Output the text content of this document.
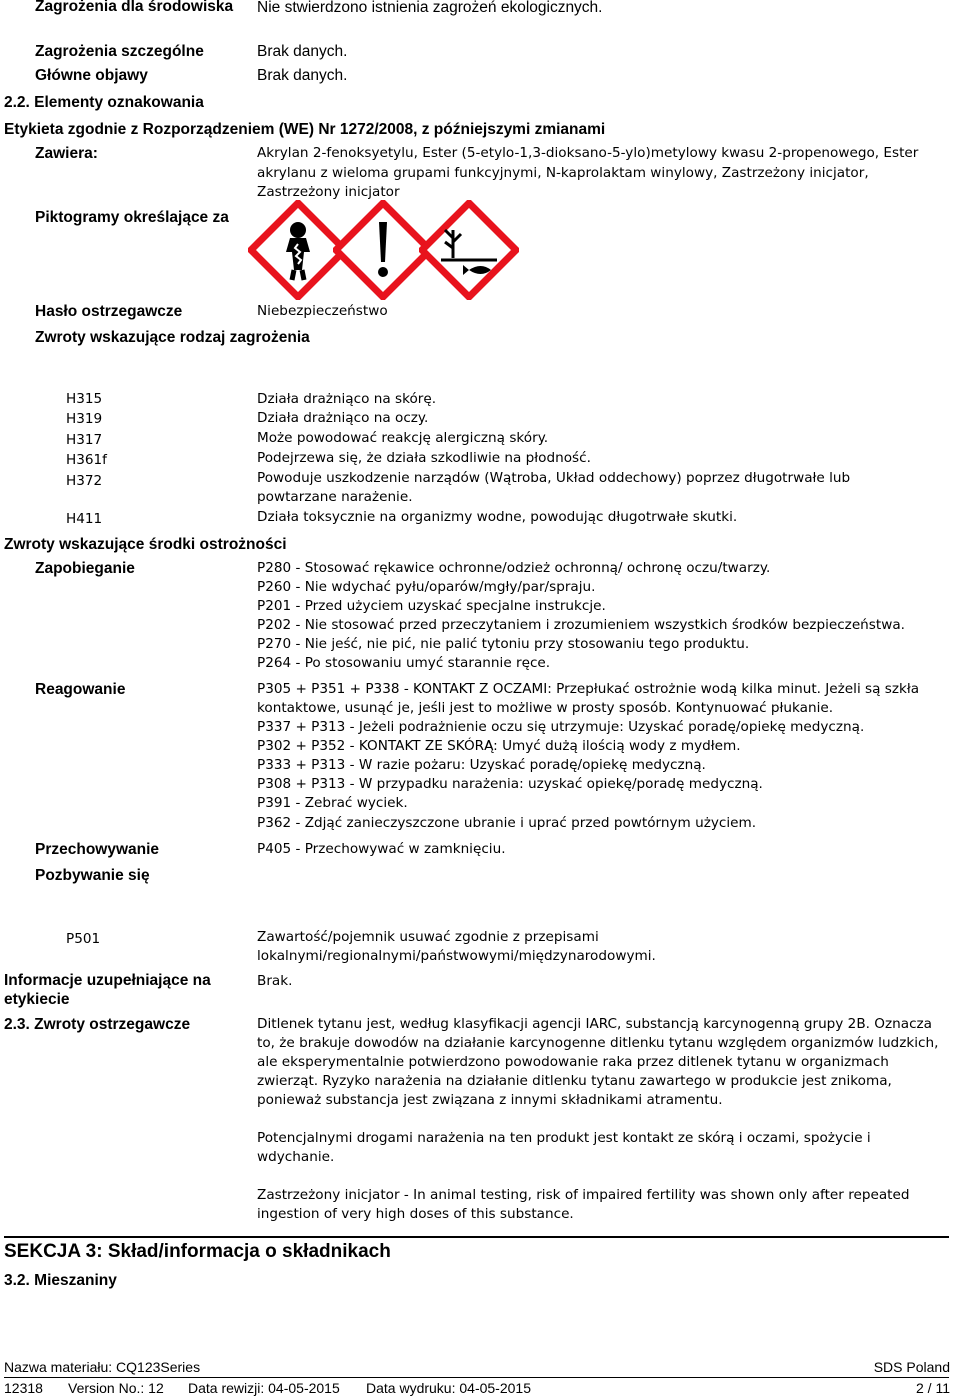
Zagrożenia dla środowiska Nie stwierdzono istnienia zagrożeń ekologicznych.
Zagrożenia szczególne	Brak danych.
Główne objawy	Brak danych.
2.2. Elementy oznakowania
Etykieta zgodnie z Rozporządzeniem (WE) Nr 1272/2008, z późniejszymi zmianami
Zawiera:	Akrylan 2-fenoksyetylu, Ester (5-etylo-1,3-dioksano-5-ylo)metylowy kwasu 2-propenowego, Ester akrylanu z wieloma grupami funkcyjnymi, N-kaprolaktam winylowy, Zastrzeżony inicjator, Zastrzeżony inicjator
Piktogramy określające za
Hasło ostrzegawcze	Niebezpieczeństwo
Zwroty wskazujące rodzaj zagrożenia
H315	Działa drażniąco na skórę.
H319	Działa drażniąco na oczy.
H317	Może powodować reakcję alergiczną skóry.
H361f	Podejrzewa się, że działa szkodliwie na płodność.
H372	Powoduje uszkodzenie narządów (Wątroba, Układ oddechowy) poprzez długotrwałe lub powtarzane narażenie.
H411	Działa toksycznie na organizmy wodne, powodując długotrwałe skutki.
Zwroty wskazujące środki ostrożności
Zapobieganie	P280 - Stosować rękawice ochronne/odzież ochronną/ ochronę oczu/twarzy.
P260 - Nie wdychać pyłu/oparów/mgły/par/spraju.
P201 - Przed użyciem uzyskać specjalne instrukcje.
P202 - Nie stosować przed przeczytaniem i zrozumieniem wszystkich środków bezpieczeństwa.
P270 - Nie jeść, nie pić, nie palić tytoniu przy stosowaniu tego produktu.
P264 - Po stosowaniu umyć starannie ręce.
Reagowanie	P305 + P351 + P338 - KONTAKT Z OCZAMI: Przepłukać ostrożnie wodą kilka minut. Jeżeli są szkła
kontaktowe, usunąć je, jeśli jest to możliwe w prosty sposób. Kontynuować płukanie.
P337 + P313 - Jeżeli podrażnienie oczu się utrzymuje: Uzyskać poradę/opiekę medyczną.
P302 + P352 - KONTAKT ZE SKÓRĄ: Umyć dużą ilością wody z mydłem.
P333 + P313 - W razie pożaru: Uzyskać poradę/opiekę medyczną.
P308 + P313 - W przypadku narażenia: uzyskać opiekę/poradę medyczną.
P391 - Zebrać wyciek.
P362 - Zdjąć zanieczyszczone ubranie i uprać przed powtórnym użyciem.
Przechowywanie	P405 - Przechowywać w zamknięciu.
Pozbywanie się
P501	Zawartość/pojemnik usuwać zgodnie z przepisami
lokalnymi/regionalnymi/państwowymi/międzynarodowymi.
Informacje uzupełniające na
etykiecie
Brak.
2.3. Zwroty ostrzegawcze	Ditlenek tytanu jest, według klasyfikacji agencji IARC, substancją karcynogenną grupy 2B. Oznacza
to, że brakuje dowodów na działanie karcynogenne ditlenku tytanu względem organizmów ludzkich,
ale eksperymentalnie potwierdzono powodowanie raka przez ditlenek tytanu w organizmach
zwierząt. Ryzyko narażenia na działanie ditlenku tytanu zawartego w produkcie jest znikoma,
ponieważ substancja jest związana z innymi składnikami atramentu.
Potencjalnymi drogami narażenia na ten produkt jest kontakt ze skórą i oczami, spożycie i
wdychanie.
Zastrzeżony inicjator - In animal testing, risk of impaired fertility was shown only after repeated
ingestion of very high doses of this substance.
SEKCJA 3: Skład/informacja o składnikach
3.2. Mieszaniny
Nazwa materiału: CQ123Series	SDS Poland
12318 Version No.: 12 Data rewizji: 04-05-2015 Data wydruku: 04-05-2015	2 / 11
